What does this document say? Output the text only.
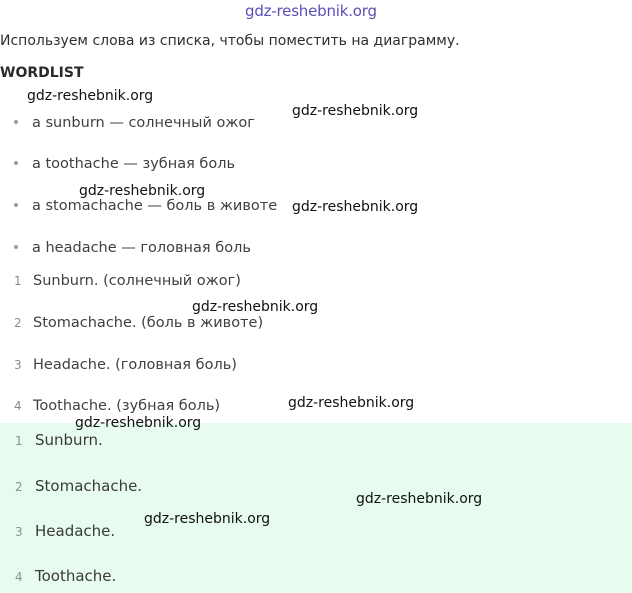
gdz-reshebnik.org
Используем слова из списка, чтобы поместить на диаграмму.
WORDLIST
a sunburn — солнечный ожог
a toothache — зубная боль
a stomachache — боль в животе
a headache — головная боль
1 Sunburn. (солнечный ожог)
2 Stomachache. (боль в животе)
3 Headache. (головная боль)
4 Toothache. (зубная боль)
1 Sunburn.
2 Stomachache.
3 Headache.
4 Toothache.
gdz-reshebnik.org
gdz-reshebnik.org
gdz-reshebnik.org
gdz-reshebnik.org
gdz-reshebnik.org
gdz-reshebnik.org
gdz-reshebnik.org
gdz-reshebnik.org
gdz-reshebnik.org
